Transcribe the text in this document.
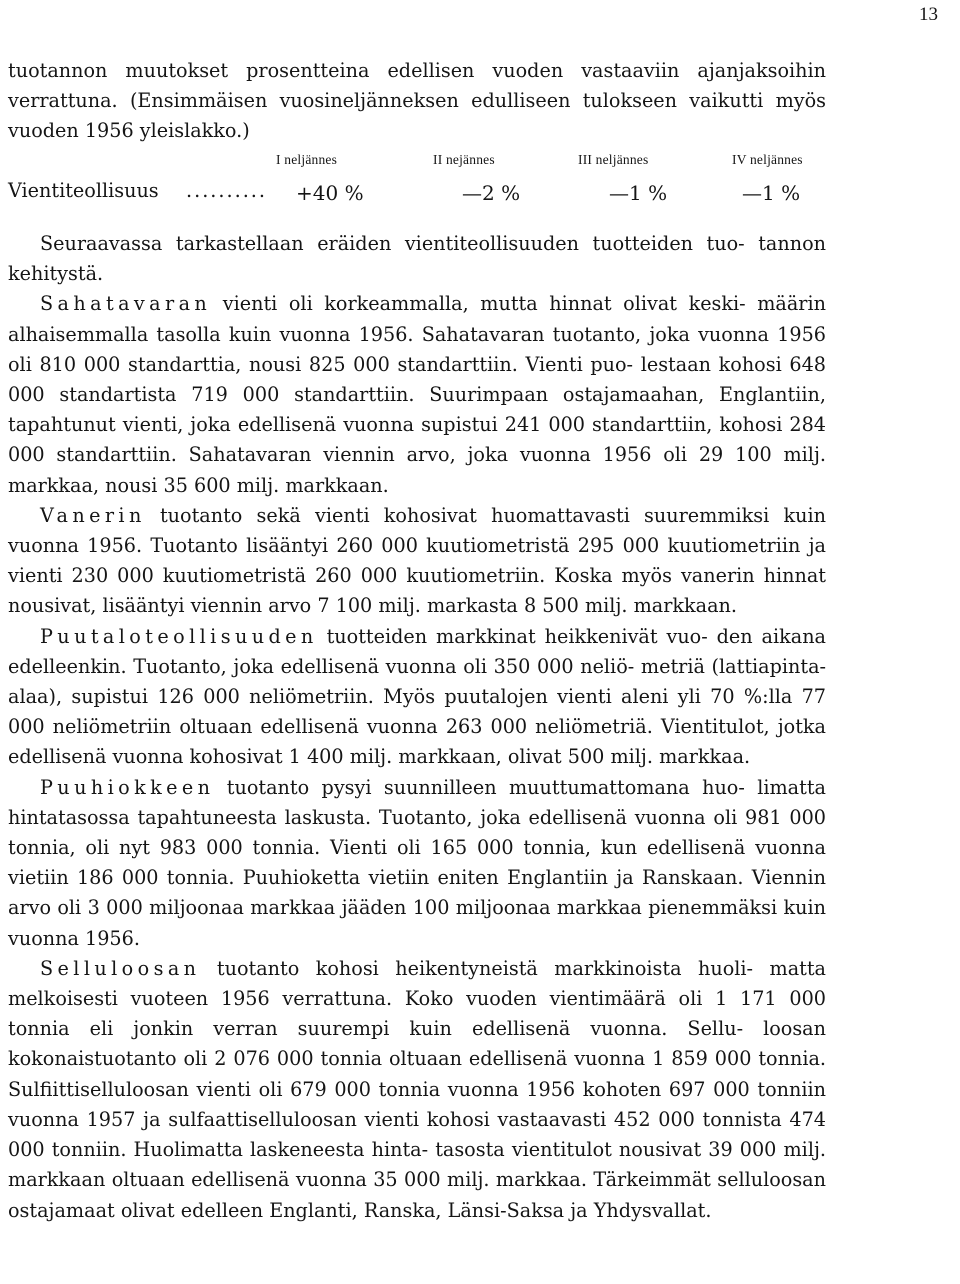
13

tuotannon muutokset prosentteina edellisen vuoden vastaaviin ajanjaksoihin verrattuna. (Ensimmäisen vuosineljänneksen edulliseen tulokseen vaikutti myös vuoden 1956 yleislakko.)

I neljännes	II nejännes	III neljännes	IV neljännes
Vientiteollisuus .......... +40 %	—2 %	—1 %	—1 %

Seuraavassa tarkastellaan eräiden vientiteollisuuden tuotteiden tuo- tannon kehitystä.

Sahatavaran vienti oli korkeammalla, mutta hinnat olivat keski- määrin alhaisemmalla tasolla kuin vuonna 1956. Sahatavaran tuotanto, joka vuonna 1956 oli 810 000 standarttia, nousi 825 000 standarttiin. Vienti puo- lestaan kohosi 648 000 standartista 719 000 standarttiin. Suurimpaan ostajamaahan, Englantiin, tapahtunut vienti, joka edellisenä vuonna supistui 241 000 standarttiin, kohosi 284 000 standarttiin. Sahatavaran viennin arvo, joka vuonna 1956 oli 29 100 milj. markkaa, nousi 35 600 milj. markkaan.

Vanerin tuotanto sekä vienti kohosivat huomattavasti suuremmiksi kuin vuonna 1956. Tuotanto lisääntyi 260 000 kuutiometristä 295 000 kuutiometriin ja vienti 230 000 kuutiometristä 260 000 kuutiometriin. Koska myös vanerin hinnat nousivat, lisääntyi viennin arvo 7 100 milj. markasta 8 500 milj. markkaan.

Puutaloteollisuuden tuotteiden markkinat heikkenivät vuo- den aikana edelleenkin. Tuotanto, joka edellisenä vuonna oli 350 000 neliö- metriä (lattiapinta-alaa), supistui 126 000 neliömetriin. Myös puutalojen vienti aleni yli 70 %:lla 77 000 neliömetriin oltuaan edellisenä vuonna 263 000 neliömetriä. Vientitulot, jotka edellisenä vuonna kohosivat 1 400 milj. markkaan, olivat 500 milj. markkaa.

Puuhiokkeen tuotanto pysyi suunnilleen muuttumattomana huo- limatta hintatasossa tapahtuneesta laskusta. Tuotanto, joka edellisenä vuonna oli 981 000 tonnia, oli nyt 983 000 tonnia. Vienti oli 165 000 tonnia, kun edellisenä vuonna vietiin 186 000 tonnia. Puuhioketta vietiin eniten Englantiin ja Ranskaan. Viennin arvo oli 3 000 miljoonaa markkaa jääden 100 miljoonaa markkaa pienemmäksi kuin vuonna 1956.

Selluloosan tuotanto kohosi heikentyneistä markkinoista huoli- matta melkoisesti vuoteen 1956 verrattuna. Koko vuoden vientimäärä oli 1 171 000 tonnia eli jonkin verran suurempi kuin edellisenä vuonna. Sellu- loosan kokonaistuotanto oli 2 076 000 tonnia oltuaan edellisenä vuonna 1 859 000 tonnia. Sulfiittiselluloosan vienti oli 679 000 tonnia vuonna 1956 kohoten 697 000 tonniin vuonna 1957 ja sulfaattiselluloosan vienti kohosi vastaavasti 452 000 tonnista 474 000 tonniin. Huolimatta laskeneesta hinta- tasosta vientitulot nousivat 39 000 milj. markkaan oltuaan edellisenä vuonna 35 000 milj. markkaa. Tärkeimmät selluloosan ostajamaat olivat edelleen Englanti, Ranska, Länsi-Saksa ja Yhdysvallat.
